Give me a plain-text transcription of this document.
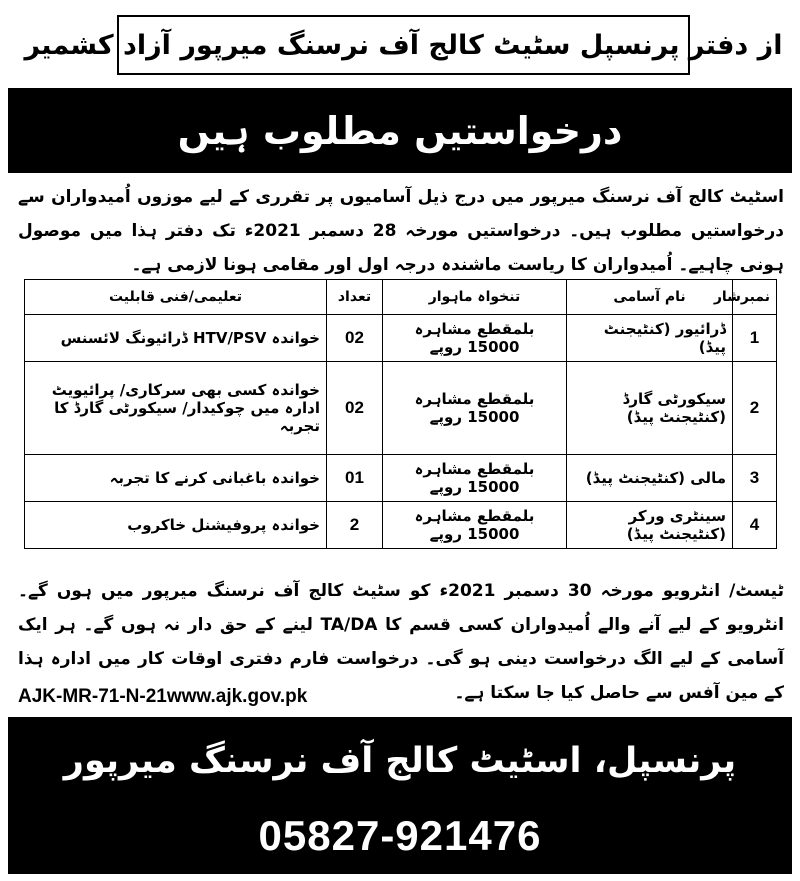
از دفتر پرنسپل سٹیٹ کالج آف نرسنگ میرپور آزاد کشمیر
درخواستیں مطلوب ہیں
اسٹیٹ کالج آف نرسنگ میرپور میں درج ذیل آسامیوں پر تقرری کے لیے موزوں اُمیدواران سے درخواستیں مطلوب ہیں۔ درخواستیں مورخہ 28 دسمبر 2021ء تک دفتر ہذا میں موصول ہونی چاہیے۔ اُمیدواران کا ریاست ماشندہ درجہ اول اور مقامی ہونا لازمی ہے۔
نمبرشار	نام آسامی	تنخواہ ماہوار	تعداد	تعلیمی/فنی قابلیت
1	ڈرائیور (کنٹیجنٹ پیڈ)	بلمقطع مشاہرہ 15000 روپے	02	خواندہ HTV/PSV ڈرائیونگ لائسنس
2	سیکورٹی گارڈ (کنٹیجنٹ پیڈ)	بلمقطع مشاہرہ 15000 روپے	02	خواندہ کسی بھی سرکاری/ پرائیویٹ ادارہ میں چوکیدار/ سیکورٹی گارڈ کا تجربہ
3	مالی (کنٹیجنٹ پیڈ)	بلمقطع مشاہرہ 15000 روپے	01	خواندہ باغبانی کرنے کا تجربہ
4	سینٹری ورکر (کنٹیجنٹ پیڈ)	بلمقطع مشاہرہ 15000 روپے	2	خواندہ پروفیشنل خاکروب
ٹیسٹ/ انٹرویو مورخہ 30 دسمبر 2021ء کو سٹیٹ کالج آف نرسنگ میرپور میں ہوں گے۔ انٹرویو کے لیے آنے والے اُمیدواران کسی قسم کا TA/DA لینے کے حق دار نہ ہوں گے۔ ہر ایک آسامی کے لیے الگ درخواست دینی ہو گی۔ درخواست فارم دفتری اوقات کار میں ادارہ ہذا کے مین آفس سے حاصل کیا جا سکتا ہے۔
AJK-MR-71-N-21www.ajk.gov.pk
پرنسپل، اسٹیٹ کالج آف نرسنگ میرپور
05827-921476
